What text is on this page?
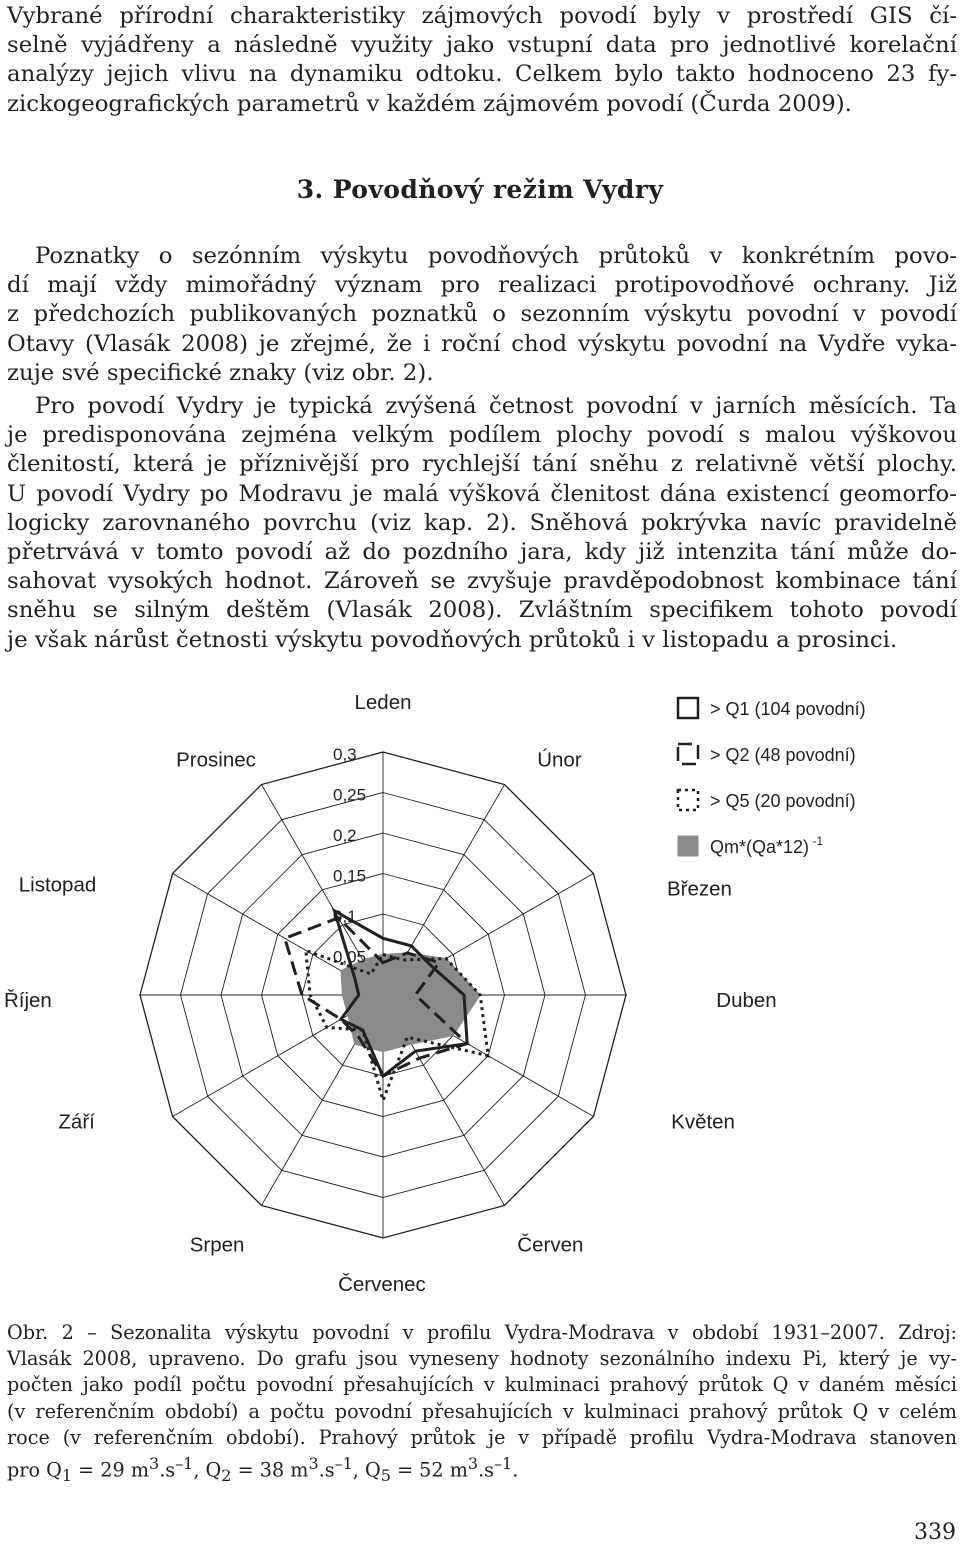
Vybrané přírodní charakteristiky zájmových povodí byly v prostředí GIS čí-
selně vyjádřeny a následně využity jako vstupní data pro jednotlivé korelační
analýzy jejich vlivu na dynamiku odtoku. Celkem bylo takto hodnoceno 23 fy-
zickogeografických parametrů v každém zájmovém povodí (Čurda 2009).
3. Povodňový režim Vydry
Poznatky o sezónním výskytu povodňových průtoků v konkrétním povo-
dí mají vždy mimořádný význam pro realizaci protipovodňové ochrany. Již
z předchozích publikovaných poznatků o sezonním výskytu povodní v povodí
Otavy (Vlasák 2008) je zřejmé, že i roční chod výskytu povodní na Vydře vyka-
zuje své specifické znaky (viz obr. 2).
Pro povodí Vydry je typická zvýšená četnost povodní v jarních měsících. Ta
je predisponována zejména velkým podílem plochy povodí s malou výškovou
členitostí, která je příznivější pro rychlejší tání sněhu z relativně větší plochy.
U povodí Vydry po Modravu je malá výšková členitost dána existencí geomorfo-
logicky zarovnaného povrchu (viz kap. 2). Sněhová pokrývka navíc pravidelně
přetrvává v tomto povodí až do pozdního jara, kdy již intenzita tání může do-
sahovat vysokých hodnot. Zároveň se zvyšuje pravděpodobnost kombinace tání
sněhu se silným deštěm (Vlasák 2008). Zvláštním specifikem tohoto povodí
je však nárůst četnosti výskytu povodňových průtoků i v listopadu a prosinci.
0,05
0,1
0,15
0,2
0,25
0,3
Leden
Únor
Březen
Duben
Květen
Červen
Červenec
Srpen
Září
Říjen
Listopad
Prosinec
> Q1 (104 povodní)
> Q2 (48 povodní)
> Q5 (20 povodní)
Qm*(Qa*12) $^{-1}$
Obr. 2 – Sezonalita výskytu povodní v profilu Vydra-Modrava v období 1931–2007. Zdroj:
Vlasák 2008, upraveno. Do grafu jsou vyneseny hodnoty sezonálního indexu Pi, který je vy-
počten jako podíl počtu povodní přesahujících v kulminaci prahový průtok Q v daném měsíci
(v referenčním období) a počtu povodní přesahujících v kulminaci prahový průtok Q v celém
roce (v referenčním období). Prahový průtok je v případě profilu Vydra-Modrava stanoven
pro $Q_1 = 29$ $m^3.s^{-1}$, $Q_2 = 38$ $m^3.s^{-1}$, $Q_5 = 52$ $m^3.s^{-1}$.
339
